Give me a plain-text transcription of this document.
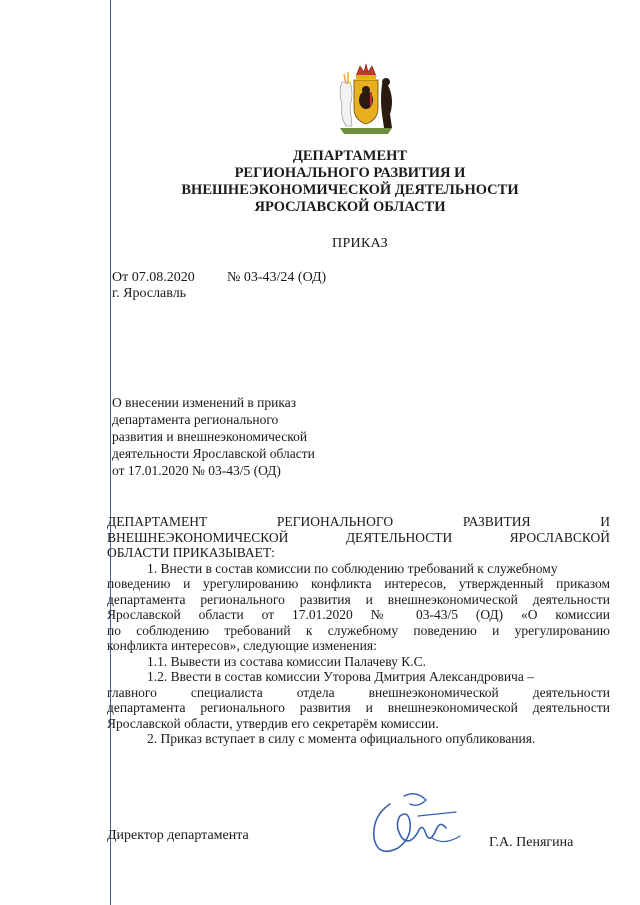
ДЕПАРТАМЕНТ
РЕГИОНАЛЬНОГО РАЗВИТИЯ И
ВНЕШНЕЭКОНОМИЧЕСКОЙ ДЕЯТЕЛЬНОСТИ
ЯРОСЛАВСКОЙ ОБЛАСТИ
ПРИКАЗ
От 07.08.2020 № 03-43/24 (ОД)
г. Ярославль
О внесении изменений в приказ
департамента регионального
развития и внешнеэкономической
деятельности Ярославской области
от 17.01.2020 № 03-43/5 (ОД)
ДЕПАРТАМЕНТ РЕГИОНАЛЬНОГО РАЗВИТИЯ И
ВНЕШНЕЭКОНОМИЧЕСКОЙ ДЕЯТЕЛЬНОСТИ ЯРОСЛАВСКОЙ
ОБЛАСТИ ПРИКАЗЫВАЕТ:
1. Внести в состав комиссии по соблюдению требований к служебному
поведению и урегулированию конфликта интересов, утвержденный приказом
департамента регионального развития и внешнеэкономической деятельности
Ярославской области от 17.01.2020 № 03-43/5 (ОД) «О комиссии
по соблюдению требований к служебному поведению и урегулированию
конфликта интересов», следующие изменения:
1.1. Вывести из состава комиссии Палачеву К.С.
1.2. Ввести в состав комиссии Уторова Дмитрия Александровича –
главного специалиста отдела внешнеэкономической деятельности
департамента регионального развития и внешнеэкономической деятельности
Ярославской области, утвердив его секретарём комиссии.
2. Приказ вступает в силу с момента официального опубликования.
Директор департамента	Г.А. Пенягина
